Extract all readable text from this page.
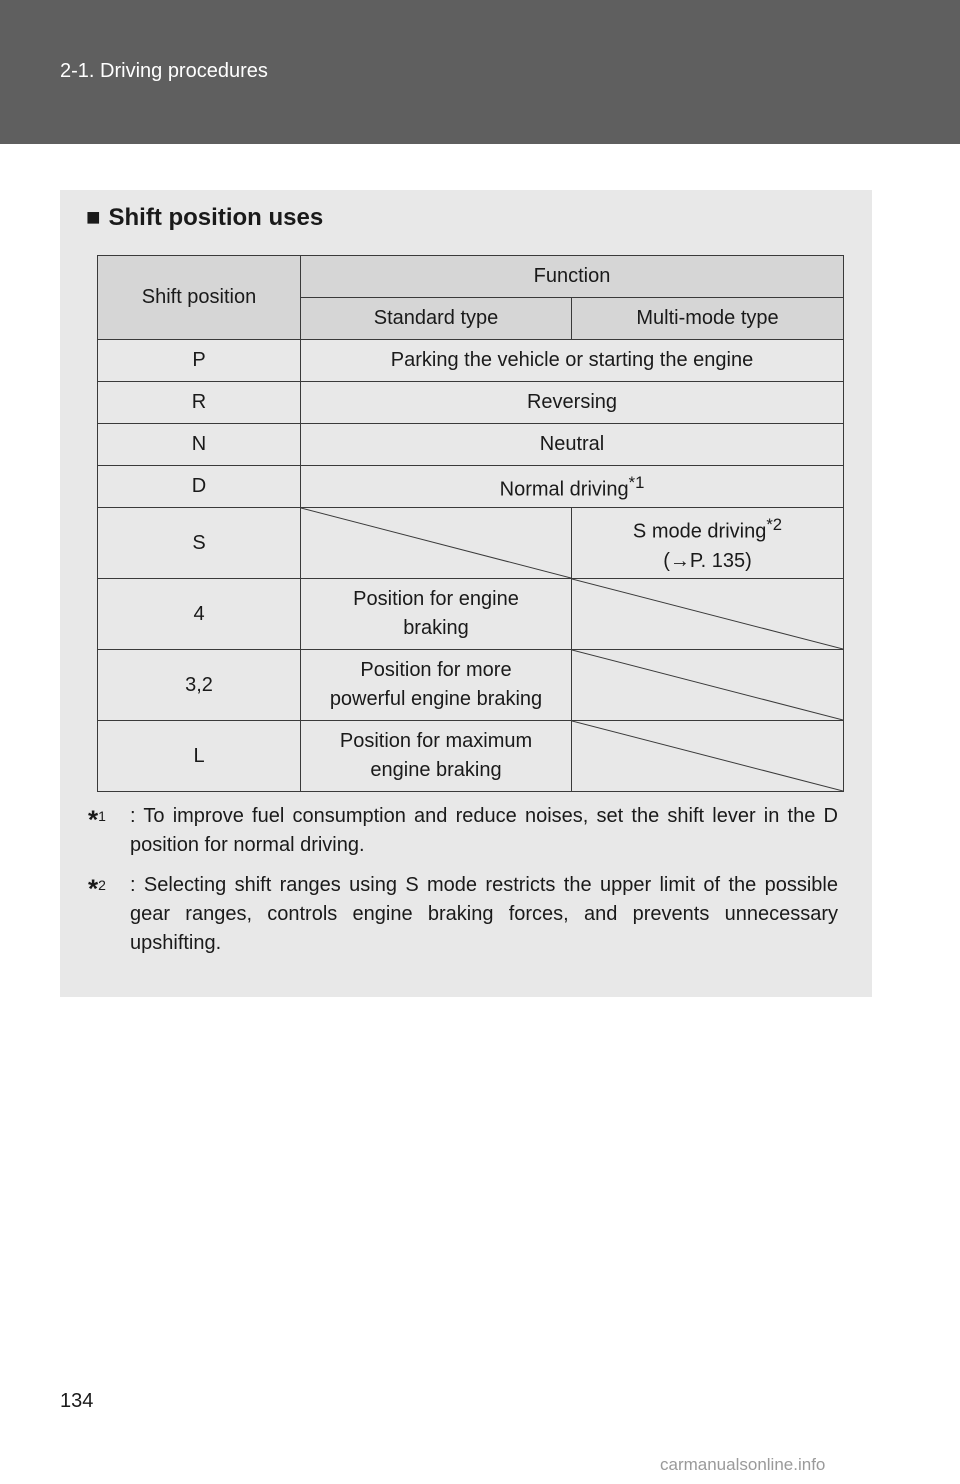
2-1. Driving procedures
■ Shift position uses
Shift position	Function	
	Standard type	Multi-mode type
P	Parking the vehicle or starting the engine	
R	Reversing	
N	Neutral	
D	Normal driving$^{*1}$
S		S mode driving$^{*2}$
(→P. 135)

4	Position for engine
braking

3,2	Position for more
powerful engine braking

L	Position for maximum
engine braking

*$^1$ : To improve fuel consumption and reduce noises, set the shift lever in the D position for normal driving.
*$^2$ : Selecting shift ranges using S mode restricts the upper limit of the possible gear ranges, controls engine braking forces, and prevents unnecessary upshifting.
134
carmanualsonline.info
